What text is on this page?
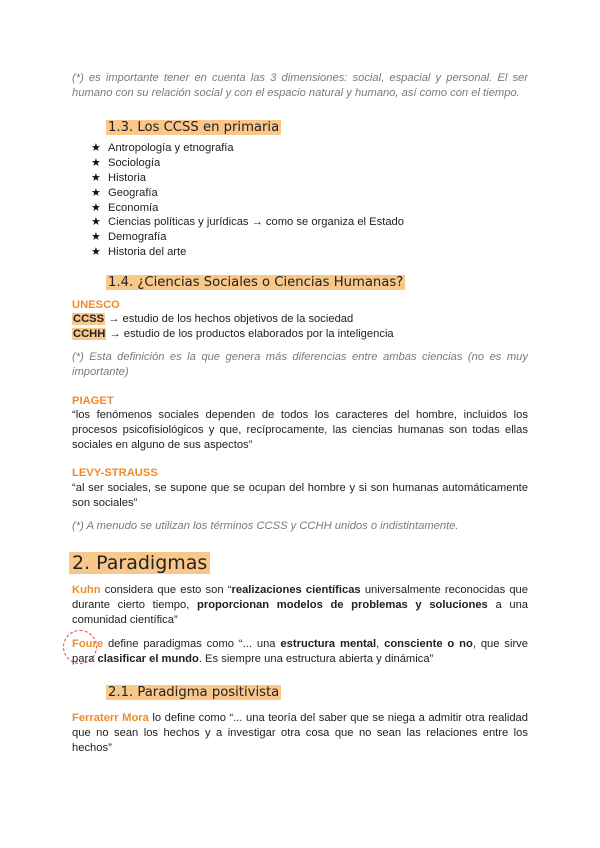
(*) es importante tener en cuenta las 3 dimensiones: social, espacial y personal. El ser humano con su relación social y con el espacio natural y humano, así como con el tiempo.

1.3. Los CCSS en primaria
★ Antropología y etnografía
★ Sociología
★ Historia
★ Geografía
★ Economía
★ Ciencias políticas y jurídicas → como se organiza el Estado
★ Demografía
★ Historia del arte
1.4. ¿Ciencias Sociales o Ciencias Humanas?
UNESCO
CCSS → estudio de los hechos objetivos de la sociedad
CCHH → estudio de los productos elaborados por la inteligencia

(*) Esta definición es la que genera más diferencias entre ambas ciencias (no es muy importante)

PIAGET

“los fenómenos sociales dependen de todos los caracteres del hombre, incluidos los procesos psicofisiológicos y que, recíprocamente, las ciencias humanas son todas ellas sociales en alguno de sus aspectos”

LEVY-STRAUSS

“al ser sociales, se supone que se ocupan del hombre y si son humanas automáticamente son sociales”

(*) A menudo se utilizan los términos CCSS y CCHH unidos o indistintamente.

2. Paradigmas

Kuhn considera que esto son “realizaciones científicas universalmente reconocidas que durante cierto tiempo, proporcionan modelos de problemas y soluciones a una comunidad científica”

Foure define paradigmas como “... una estructura mental, consciente o no, que sirve para clasificar el mundo. Es siempre una estructura abierta y dinámica”

2.1. Paradigma positivista

Ferraterr Mora lo define como “... una teoría del saber que se niega a admitir otra realidad que no sean los hechos y a investigar otra cosa que no sean las relaciones entre los hechos”
